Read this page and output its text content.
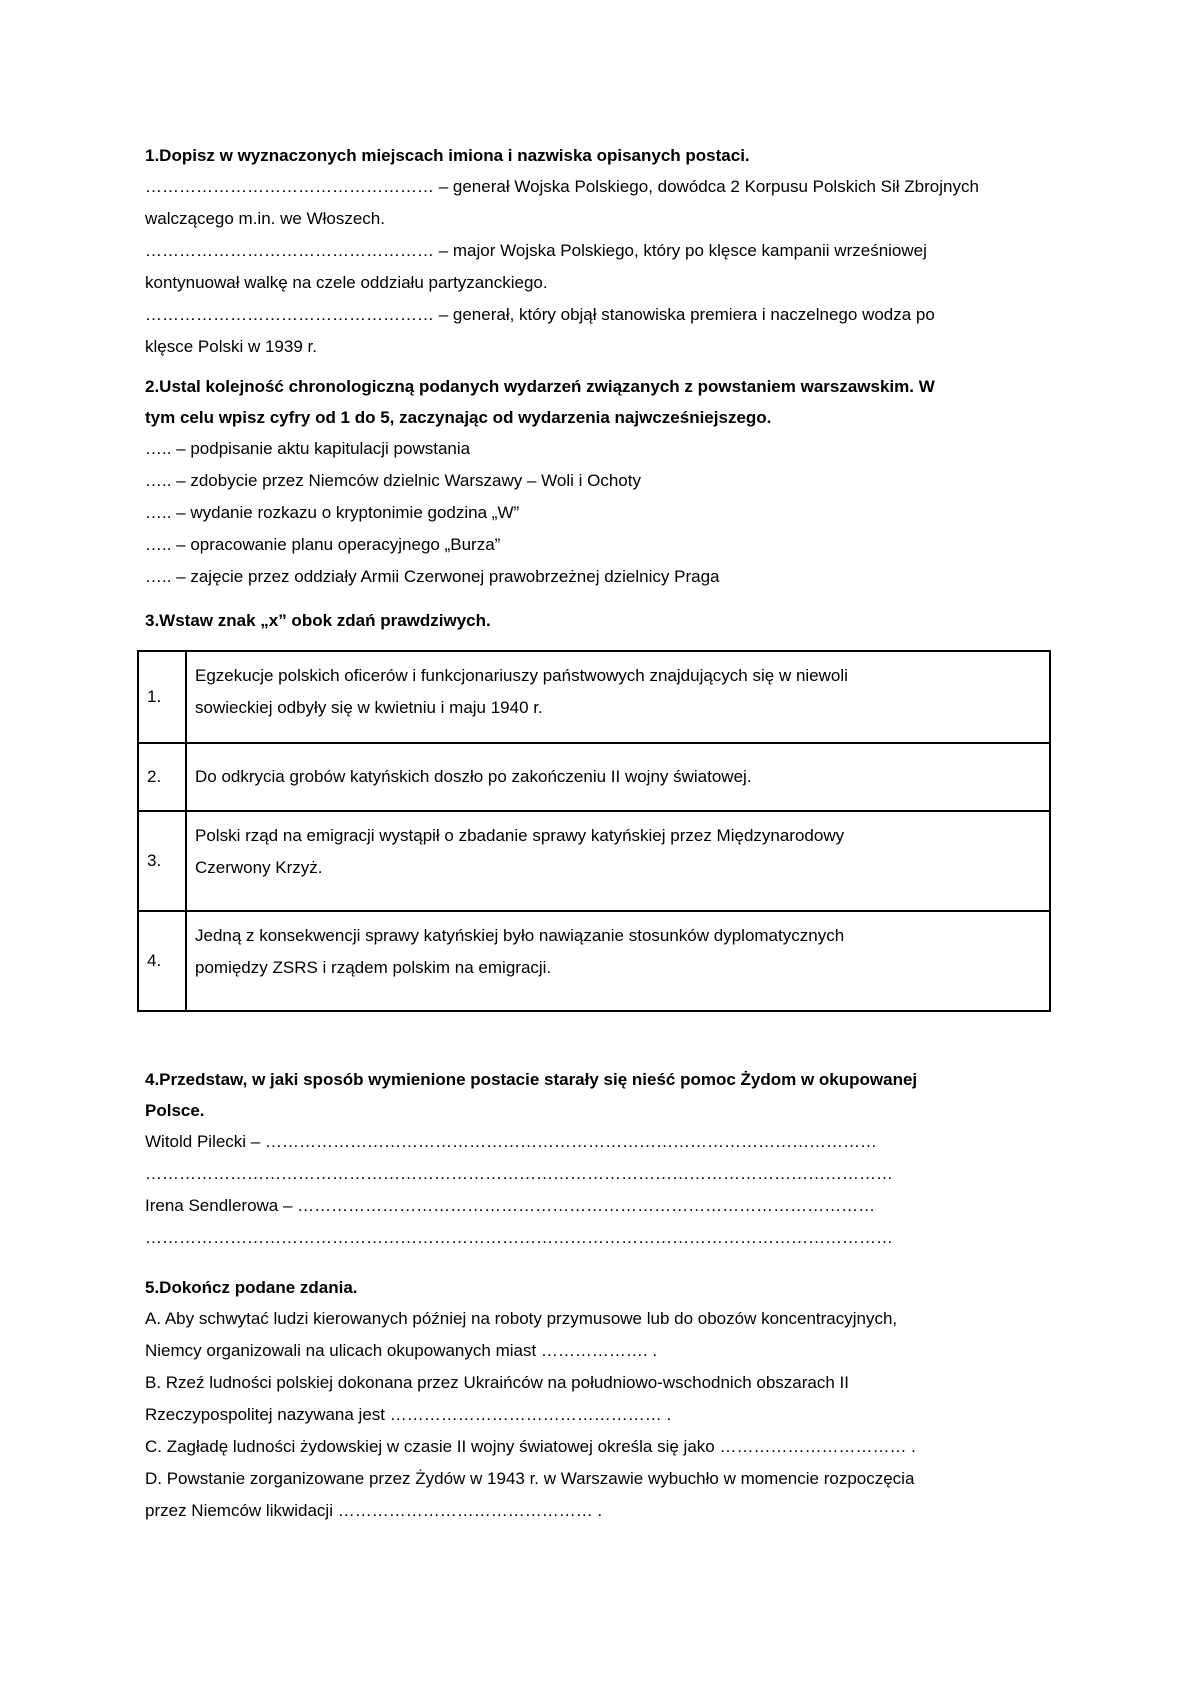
1.Dopisz w wyznaczonych miejscach imiona i nazwiska opisanych postaci.

…………………………………………… – generał Wojska Polskiego, dowódca 2 Korpusu Polskich Sił Zbrojnych

walczącego m.in. we Włoszech.

…………………………………………… – major Wojska Polskiego, który po klęsce kampanii wrześniowej

kontynuował walkę na czele oddziału partyzanckiego.

…………………………………………… – generał, który objął stanowiska premiera i naczelnego wodza po

klęsce Polski w 1939 r.

2.Ustal kolejność chronologiczną podanych wydarzeń związanych z powstaniem warszawskim. W

tym celu wpisz cyfry od 1 do 5, zaczynając od wydarzenia najwcześniejszego.

….. – podpisanie aktu kapitulacji powstania

….. – zdobycie przez Niemców dzielnic Warszawy – Woli i Ochoty

….. – wydanie rozkazu o kryptonimie godzina „W”

….. – opracowanie planu operacyjnego „Burza”

….. – zajęcie przez oddziały Armii Czerwonej prawobrzeżnej dzielnicy Praga

3.Wstaw znak „x” obok zdań prawdziwych.

1.	Egzekucje polskich oficerów i funkcjonariuszy państwowych znajdujących się w niewoli
sowieckiej odbyły się w kwietniu i maju 1940 r.

2.	Do odkrycia grobów katyńskich doszło po zakończeniu II wojny światowej.

3.	Polski rząd na emigracji wystąpił o zbadanie sprawy katyńskiej przez Międzynarodowy
Czerwony Krzyż.

4.	Jedną z konsekwencji sprawy katyńskiej było nawiązanie stosunków dyplomatycznych
pomiędzy ZSRS i rządem polskim na emigracji.

4.Przedstaw, w jaki sposób wymienione postacie starały się nieść pomoc Żydom w okupowanej

Polsce.

Witold Pilecki – ………………………………………………………………………………………………

……………………………………………………………………………………………………………………

Irena Sendlerowa – …………………………………………………………………………………………

……………………………………………………………………………………………………………………

5.Dokończ podane zdania.

A. Aby schwytać ludzi kierowanych później na roboty przymusowe lub do obozów koncentracyjnych,

Niemcy organizowali na ulicach okupowanych miast ………………. .

B. Rzeź ludności polskiej dokonana przez Ukraińców na południowo-wschodnich obszarach II

Rzeczypospolitej nazywana jest ………………………………………… .

C. Zagładę ludności żydowskiej w czasie II wojny światowej określa się jako …………………………… .

D. Powstanie zorganizowane przez Żydów w 1943 r. w Warszawie wybuchło w momencie rozpoczęcia

przez Niemców likwidacji ……………………………………… .
